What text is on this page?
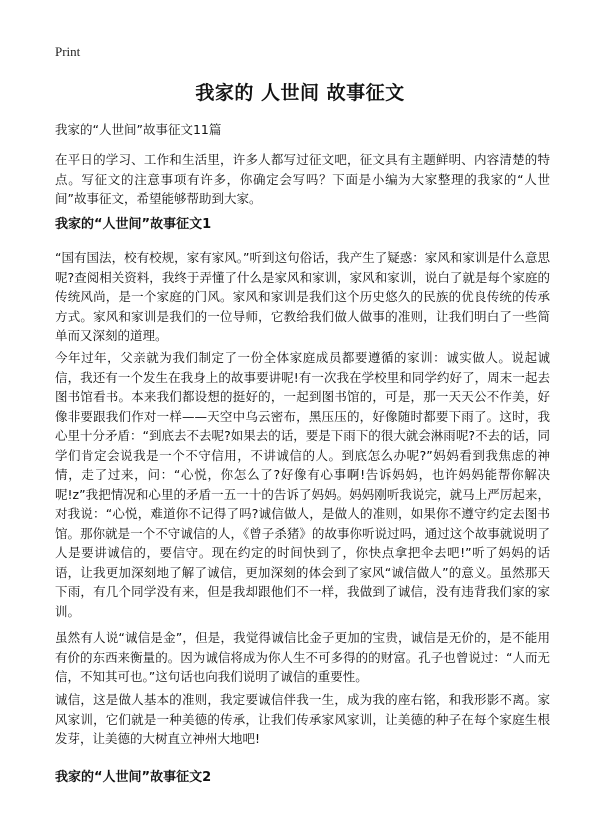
Print
我家的 人世间 故事征文
我家的“人世间”故事征文11篇

在平日的学习、工作和生活里，许多人都写过征文吧，征文具有主题鲜明、内容清楚的特点。写征文的注意事项有许多，你确定会写吗？下面是小编为大家整理的我家的“人世间”故事征文，希望能够帮助到大家。

我家的“人世间”故事征文1

“国有国法，校有校规，家有家风。”听到这句俗话，我产生了疑惑：家风和家训是什么意思呢?查阅相关资料，我终于弄懂了什么是家风和家训，家风和家训，说白了就是每个家庭的传统风尚，是一个家庭的门风。家风和家训是我们这个历史悠久的民族的优良传统的传承方式。家风和家训是我们的一位导师，它教给我们做人做事的准则，让我们明白了一些简单而又深刻的道理。

今年过年，父亲就为我们制定了一份全体家庭成员都要遵循的家训：诚实做人。说起诚信，我还有一个发生在我身上的故事要讲呢!有一次我在学校里和同学约好了，周末一起去图书馆看书。本来我们都设想的挺好的，一起到图书馆的，可是，那一天天公不作美，好像非要跟我们作对一样——天空中乌云密布，黑压压的，好像随时都要下雨了。这时，我心里十分矛盾：“到底去不去呢?如果去的话，要是下雨下的很大就会淋雨呢?不去的话，同学们肯定会说我是一个不守信用，不讲诚信的人。到底怎么办呢?”妈妈看到我焦虑的神情，走了过来，问：“心悦，你怎么了?好像有心事啊!告诉妈妈，也许妈妈能帮你解决呢!z”我把情况和心里的矛盾一五一十的告诉了妈妈。妈妈刚听我说完，就马上严厉起来，对我说：“心悦，难道你不记得了吗?诚信做人，是做人的准则，如果你不遵守约定去图书馆。那你就是一个不守诚信的人，《曾子杀猪》的故事你听说过吗，通过这个故事就说明了人是要讲诚信的，要信守。现在约定的时间快到了，你快点拿把伞去吧!”听了妈妈的话语，让我更加深刻地了解了诚信，更加深刻的体会到了家风“诚信做人”的意义。虽然那天下雨，有几个同学没有来，但是我却跟他们不一样，我做到了诚信，没有违背我们家的家训。

虽然有人说“诚信是金”，但是，我觉得诚信比金子更加的宝贵，诚信是无价的，是不能用有价的东西来衡量的。因为诚信将成为你人生不可多得的的财富。孔子也曾说过：“人而无信，不知其可也。”这句话也向我们说明了诚信的重要性。

诚信，这是做人基本的准则，我定要诚信伴我一生，成为我的座右铭，和我形影不离。家风家训，它们就是一种美德的传承，让我们传承家风家训，让美德的种子在每个家庭生根发芽，让美德的大树直立神州大地吧!

我家的“人世间”故事征文2
